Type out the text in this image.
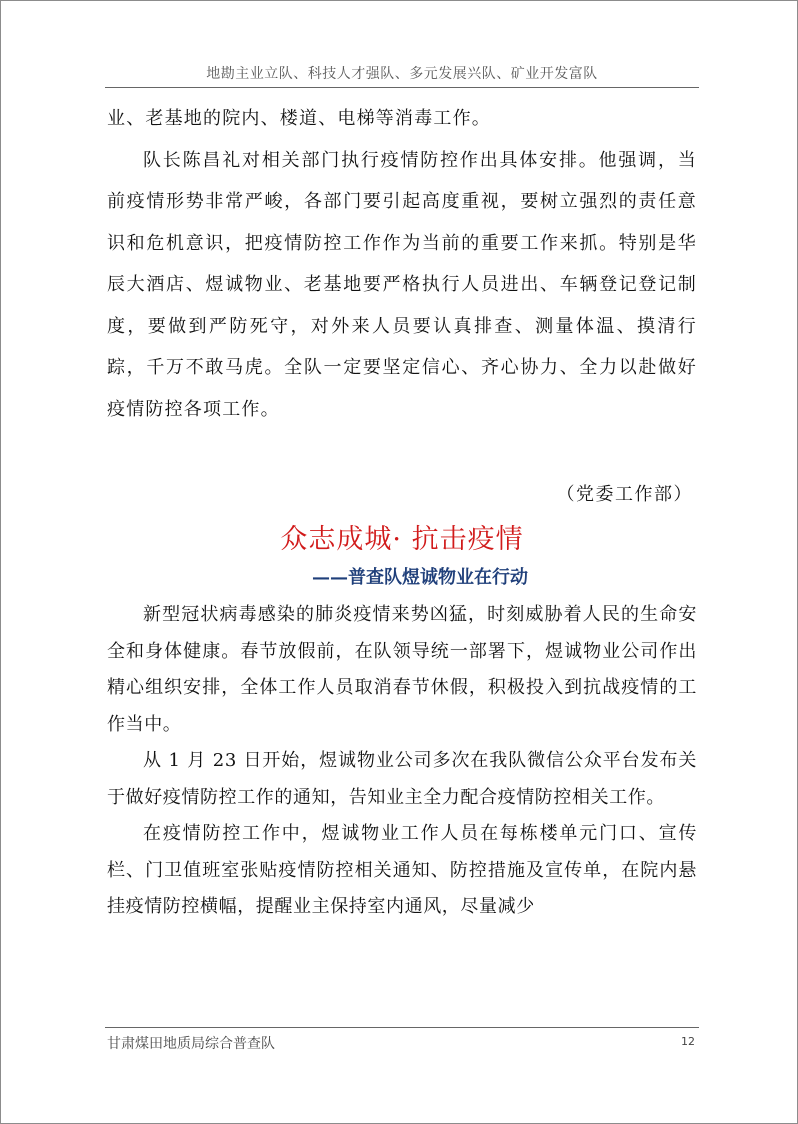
地勘主业立队、科技人才强队、多元发展兴队、矿业开发富队

业、老基地的院内、楼道、电梯等消毒工作。

队长陈昌礼对相关部门执行疫情防控作出具体安排。他强调，当前疫情形势非常严峻，各部门要引起高度重视，要树立强烈的责任意识和危机意识，把疫情防控工作作为当前的重要工作来抓。特别是华辰大酒店、煜诚物业、老基地要严格执行人员进出、车辆登记登记制度，要做到严防死守，对外来人员要认真排查、测量体温、摸清行踪，千万不敢马虎。全队一定要坚定信心、齐心协力、全力以赴做好疫情防控各项工作。

（党委工作部）
众志成城· 抗击疫情
——普查队煜诚物业在行动

新型冠状病毒感染的肺炎疫情来势凶猛，时刻威胁着人民的生命安全和身体健康。春节放假前，在队领导统一部署下，煜诚物业公司作出精心组织安排，全体工作人员取消春节休假，积极投入到抗战疫情的工作当中。

从 1 月 23 日开始，煜诚物业公司多次在我队微信公众平台发布关于做好疫情防控工作的通知，告知业主全力配合疫情防控相关工作。

在疫情防控工作中，煜诚物业工作人员在每栋楼单元门口、宣传栏、门卫值班室张贴疫情防控相关通知、防控措施及宣传单，在院内悬挂疫情防控横幅，提醒业主保持室内通风，尽量减少

甘肃煤田地质局综合普查队	12
